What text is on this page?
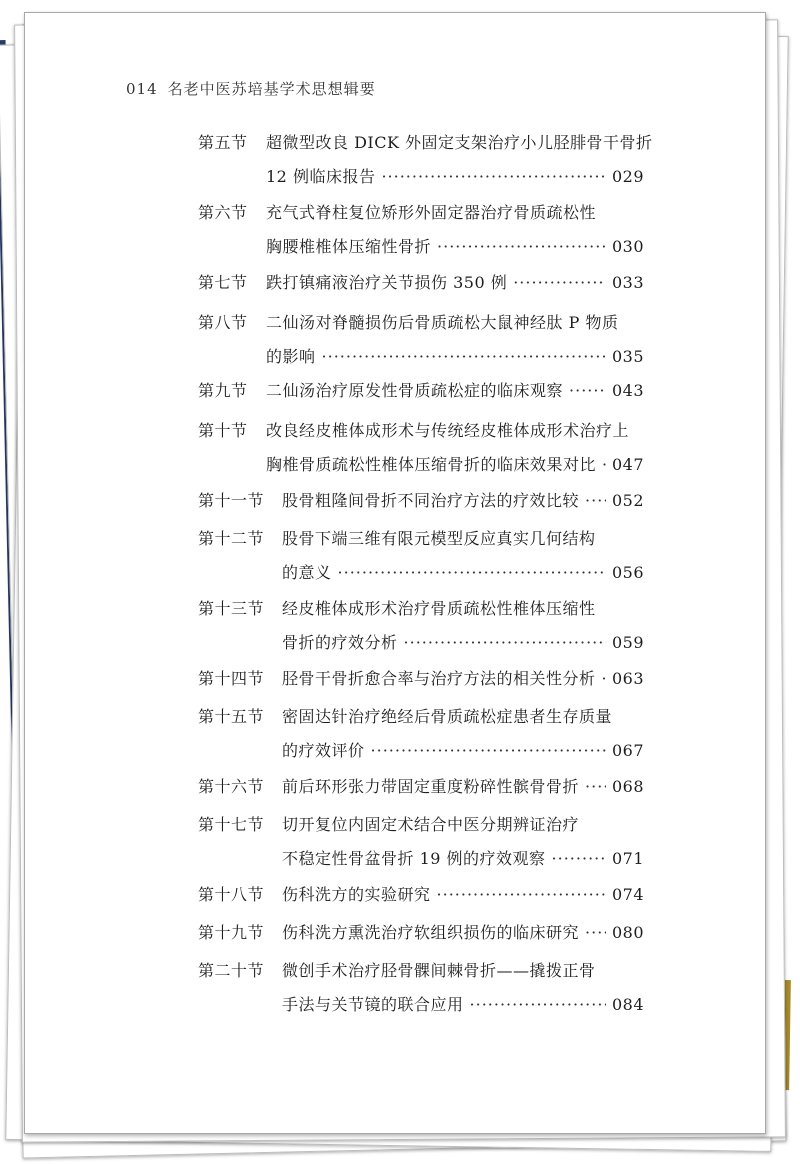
014 名老中医苏培基学术思想辑要
第五节 超微型改良 DICK 外固定支架治疗小儿胫腓骨干骨折
12 例临床报告 ·····	029
第六节 充气式脊柱复位矫形外固定器治疗骨质疏松性
胸腰椎椎体压缩性骨折 ·····	030
第七节 跌打镇痛液治疗关节损伤 350 例 ·····	033
第八节 二仙汤对脊髓损伤后骨质疏松大鼠神经肽 P 物质
的影响 ·····	035
第九节 二仙汤治疗原发性骨质疏松症的临床观察 ·····	043
第十节 改良经皮椎体成形术与传统经皮椎体成形术治疗上
胸椎骨质疏松性椎体压缩骨折的临床效果对比 ····· 047
第十一节 股骨粗隆间骨折不同治疗方法的疗效比较 ····· 052
第十二节 股骨下端三维有限元模型反应真实几何结构
的意义 ·····	056
第十三节 经皮椎体成形术治疗骨质疏松性椎体压缩性
骨折的疗效分析 ·····	059
第十四节 胫骨干骨折愈合率与治疗方法的相关性分析 ····· 063
第十五节 密固达针治疗绝经后骨质疏松症患者生存质量
的疗效评价 ·····	067
第十六节 前后环形张力带固定重度粉碎性髌骨骨折 ····· 068
第十七节 切开复位内固定术结合中医分期辨证治疗
不稳定性骨盆骨折 19 例的疗效观察 ·····	071
第十八节 伤科洗方的实验研究 ·····	074
第十九节 伤科洗方熏洗治疗软组织损伤的临床研究 ····· 080
第二十节 微创手术治疗胫骨髁间棘骨折——撬拨正骨
手法与关节镜的联合应用 ·····	084
